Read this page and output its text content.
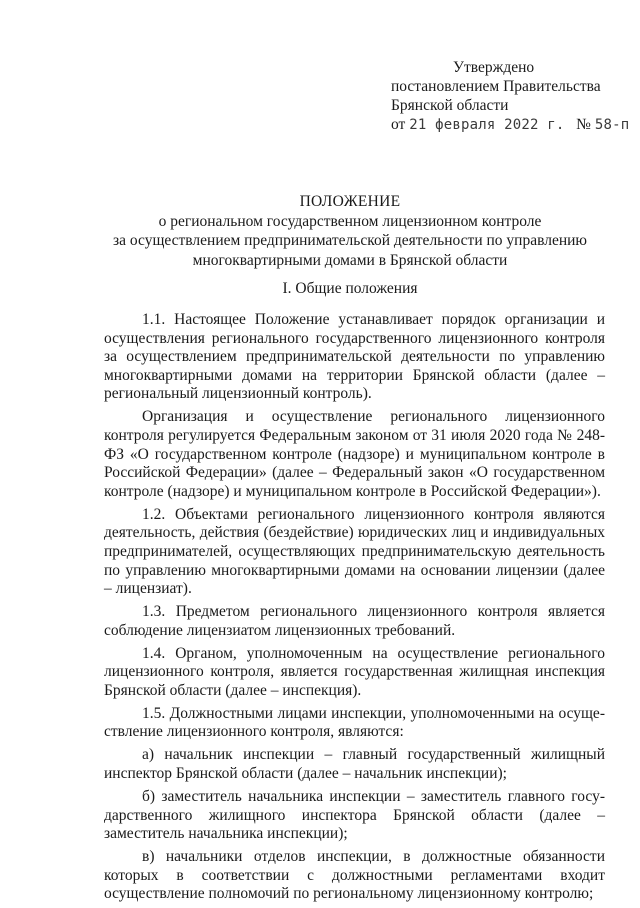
Утверждено
постановлением Правительства
Брянской области
от 21 февраля 2022 г. № 58-п
ПОЛОЖЕНИЕ
о региональном государственном лицензионном контроле
за осуществлением предпринимательской деятельности по управлению
многоквартирными домами в Брянской области
I. Общие положения

1.1. Настоящее Положение устанавливает порядок организации и осуществления регионального государственного лицензионного контроля за осуществлением предпринимательской деятельности по управлению многоквартирными домами на территории Брянской области (далее – региональный лицензионный контроль).

Организация и осуществление регионального лицензионного контроля регулируется Федеральным законом от 31 июля 2020 года № 248-ФЗ «О государственном контроле (надзоре) и муниципальном контроле в Российской Федерации» (далее – Федеральный закон «О государственном контроле (надзоре) и муниципальном контроле в Российской Федерации»).

1.2. Объектами регионального лицензионного контроля являются деятельность, действия (бездействие) юридических лиц и индивидуальных предпринимателей, осуществляющих предпринимательскую деятельность по управлению многоквартирными домами на основании лицензии (далее – лицензиат).

1.3. Предметом регионального лицензионного контроля является соблюдение лицензиатом лицензионных требований.

1.4. Органом, уполномоченным на осуществление регионального лицензионного контроля, является государственная жилищная инспекция Брянской области (далее – инспекция).

1.5. Должностными лицами инспекции, уполномоченными на осуществление лицензионного контроля, являются:

а) начальник инспекции – главный государственный жилищный инспектор Брянской области (далее – начальник инспекции);

б) заместитель начальника инспекции – заместитель главного государственного жилищного инспектора Брянской области (далее – заместитель начальника инспекции);

в) начальники отделов инспекции, в должностные обязанности которых в соответствии с должностными регламентами входит осуществление полномочий по региональному лицензионному контролю;
